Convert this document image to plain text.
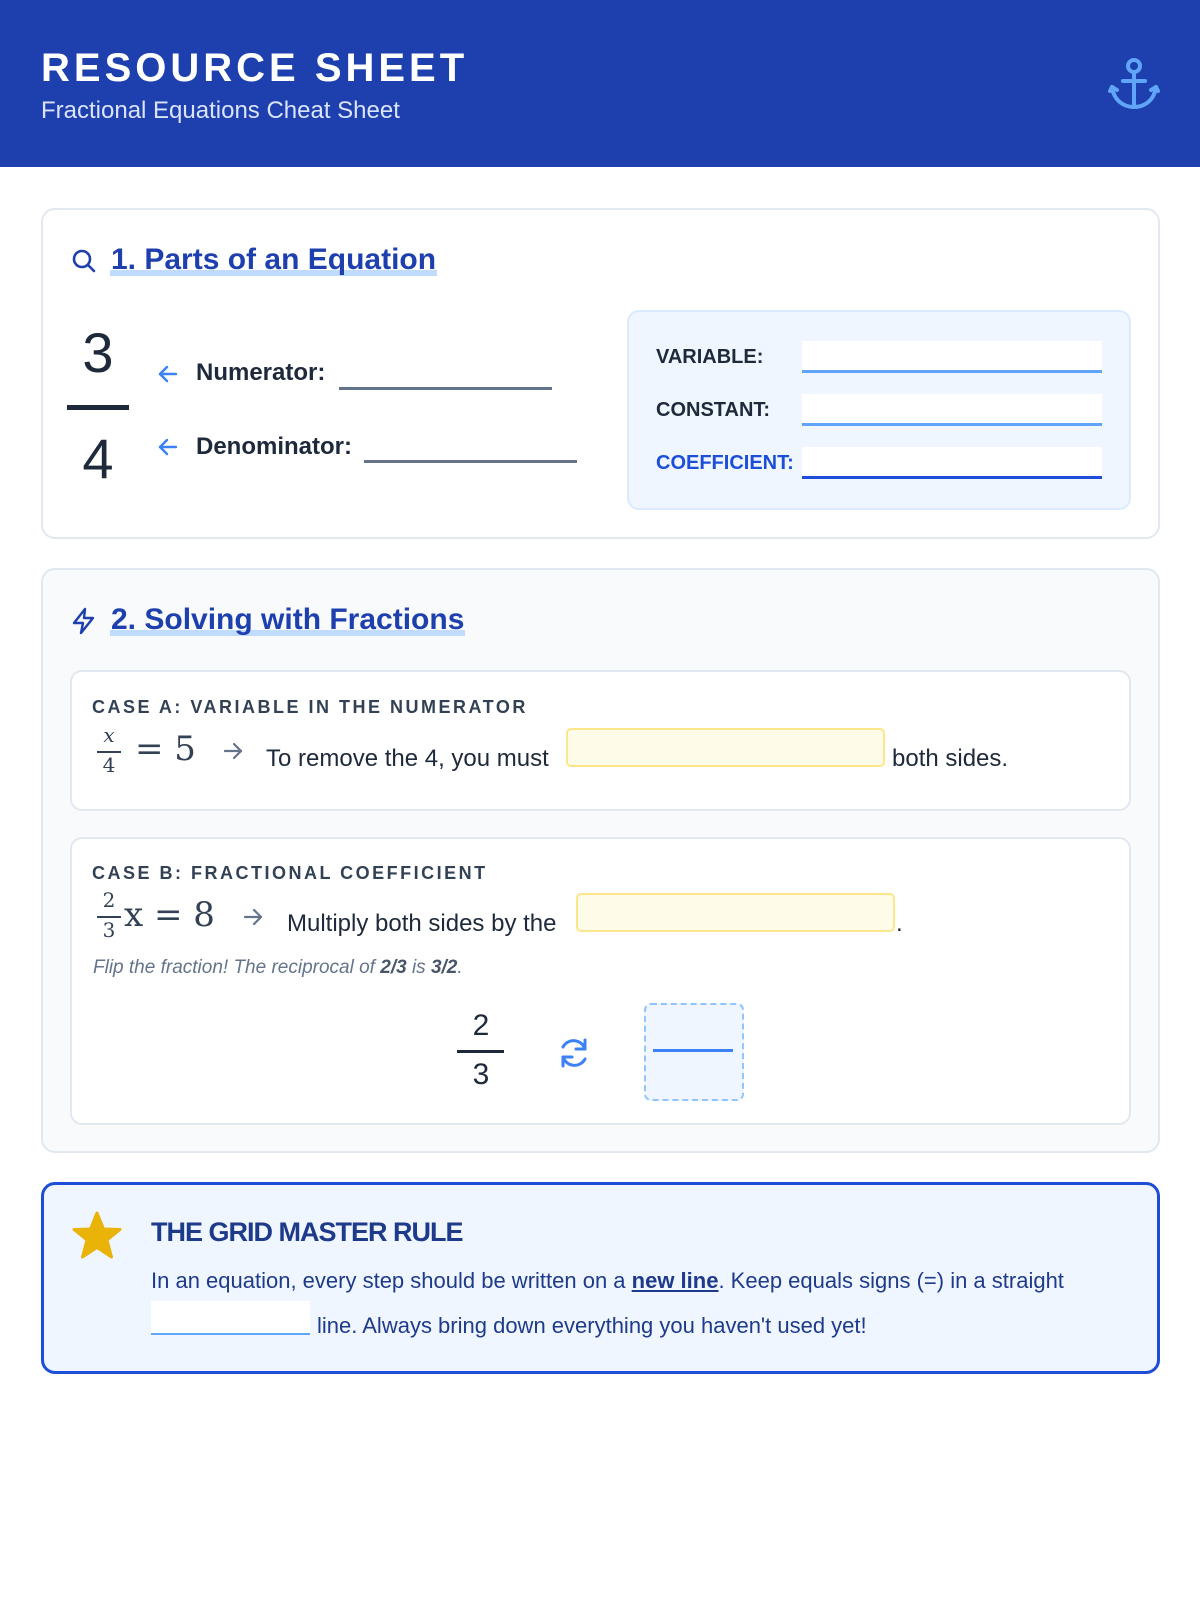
RESOURCE SHEET
Fractional Equations Cheat Sheet
1. Parts of an Equation
3
4
Numerator:
Denominator:
VARIABLE:
CONSTANT:
COEFFICIENT:
2. Solving with Fractions
CASE A: VARIABLE IN THE NUMERATOR
x
4 = 5	To remove the 4, you must	both sides.
CASE B: FRACTIONAL COEFFICIENT
2
3 x = 8	Multiply both sides by the	.
Flip the fraction! The reciprocal of 2/3 is 3/2.
2
3
THE GRID MASTER RULE
In an equation, every step should be written on a new line. Keep equals signs (=) in a straight
line. Always bring down everything you haven't used yet!
